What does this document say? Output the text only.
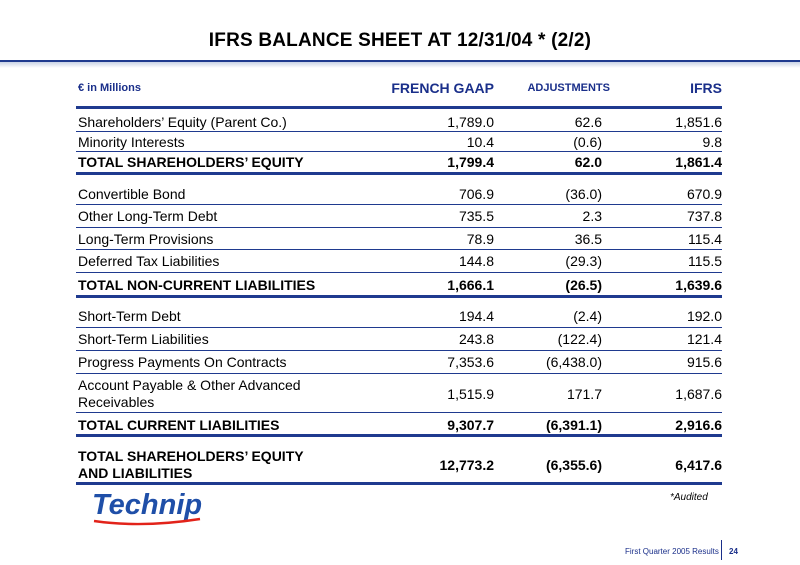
IFRS BALANCE SHEET AT 12/31/04 * (2/2)
€ in Millions	FRENCH GAAP	ADJUSTMENTS	IFRS
Shareholders’ Equity (Parent Co.)	1,789.0	62.6	1,851.6
Minority Interests	10.4	(0.6)	9.8
TOTAL SHAREHOLDERS’ EQUITY	1,799.4	62.0	1,861.4
Convertible Bond	706.9	(36.0)	670.9
Other Long-Term Debt	735.5	2.3	737.8
Long-Term Provisions	78.9	36.5	115.4
Deferred Tax Liabilities	144.8	(29.3)	115.5
TOTAL NON-CURRENT LIABILITIES	1,666.1	(26.5)	1,639.6
Short-Term Debt	194.4	(2.4)	192.0
Short-Term Liabilities	243.8	(122.4)	121.4
Progress Payments On Contracts	7,353.6	(6,438.0)	915.6
Account Payable & Other Advanced
Receivables	1,515.9	171.7	1,687.6
TOTAL CURRENT LIABILITIES	9,307.7	(6,391.1)	2,916.6
TOTAL SHAREHOLDERS’ EQUITY
AND LIABILITIES	12,773.2	(6,355.6)	6,417.6
*Audited
Technip
First Quarter 2005 Results 24
